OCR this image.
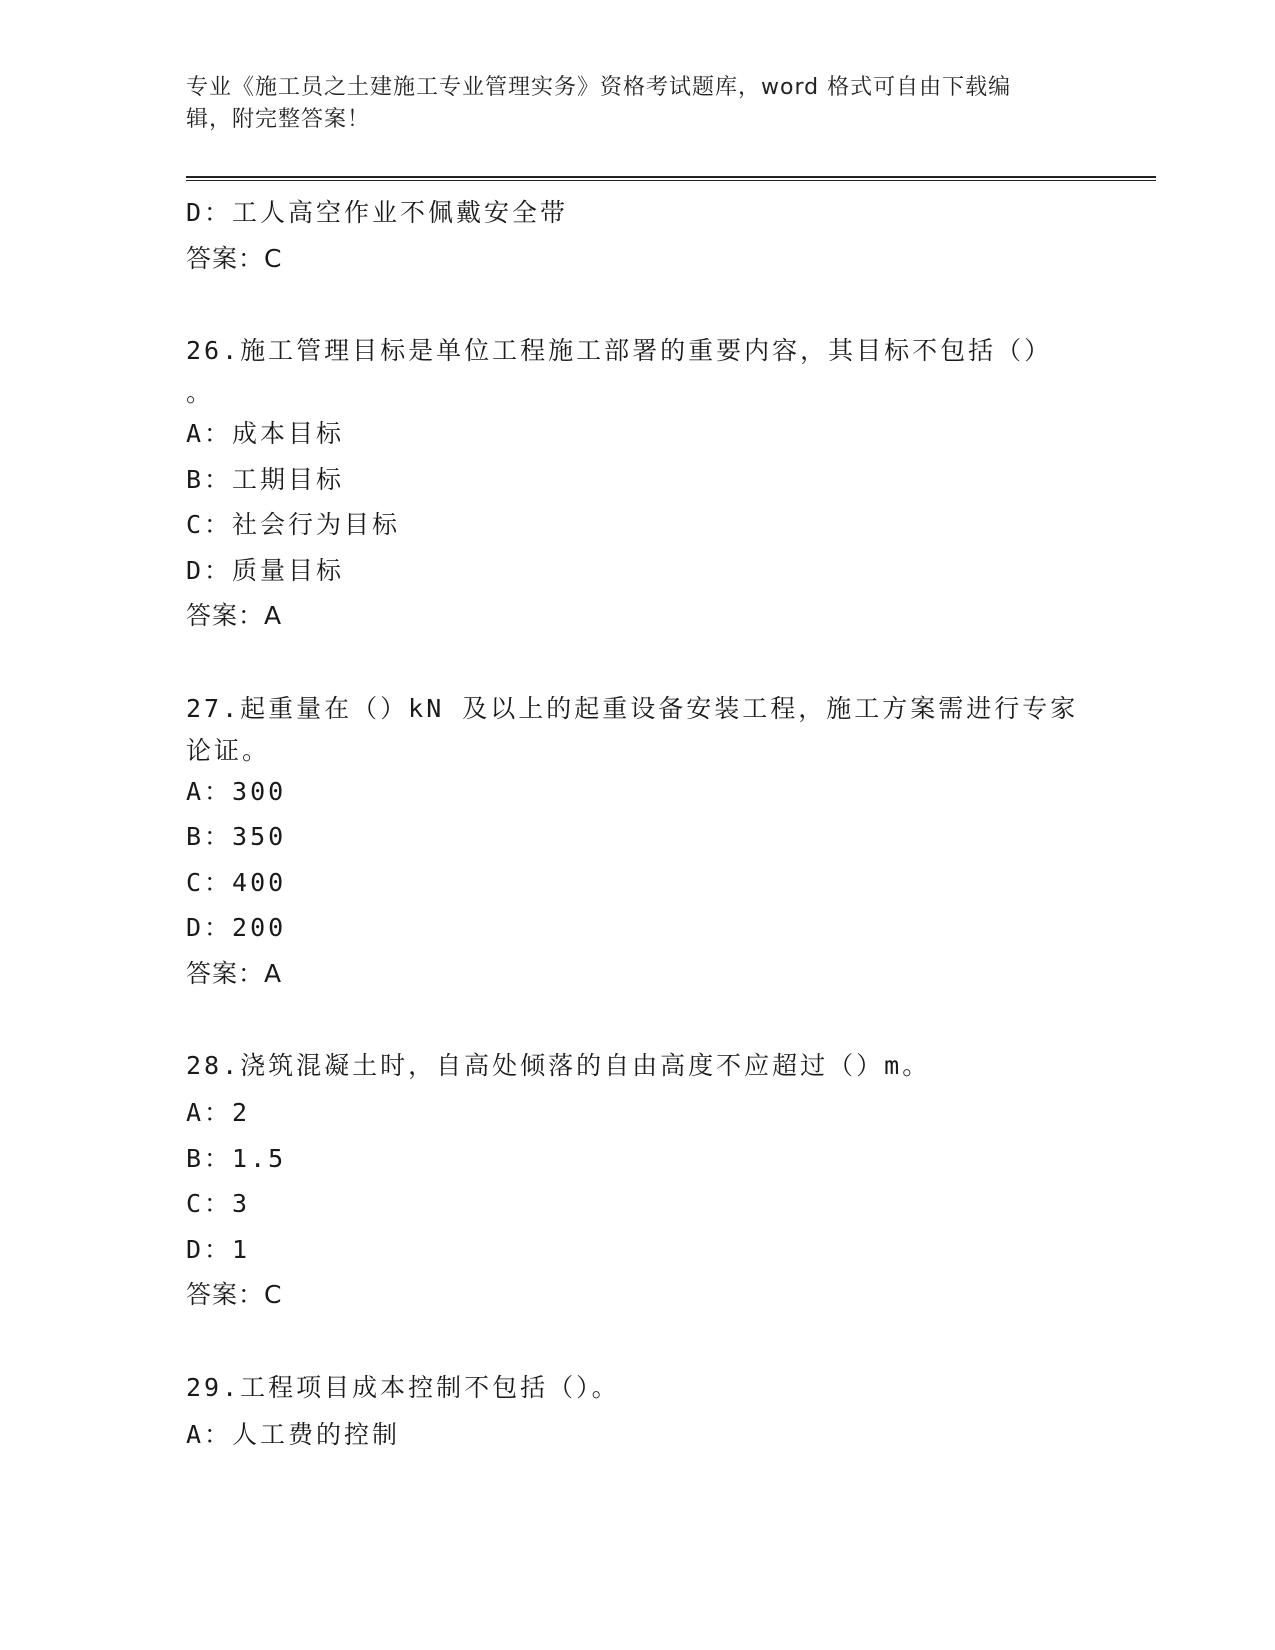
专业《施工员之土建施工专业管理实务》资格考试题库，word 格式可自由下载编
辑，附完整答案！
D：工人高空作业不佩戴安全带
答案：C
26.施工管理目标是单位工程施工部署的重要内容，其目标不包括（）
。
A：成本目标
B：工期目标
C：社会行为目标
D：质量目标
答案：A
27.起重量在（）kN 及以上的起重设备安装工程，施工方案需进行专家
论证。
A：300
B：350
C：400
D：200
答案：A
28.浇筑混凝土时，自高处倾落的自由高度不应超过（）m。
A：2
B：1.5
C：3
D：1
答案：C
29.工程项目成本控制不包括（）。
A：人工费的控制
